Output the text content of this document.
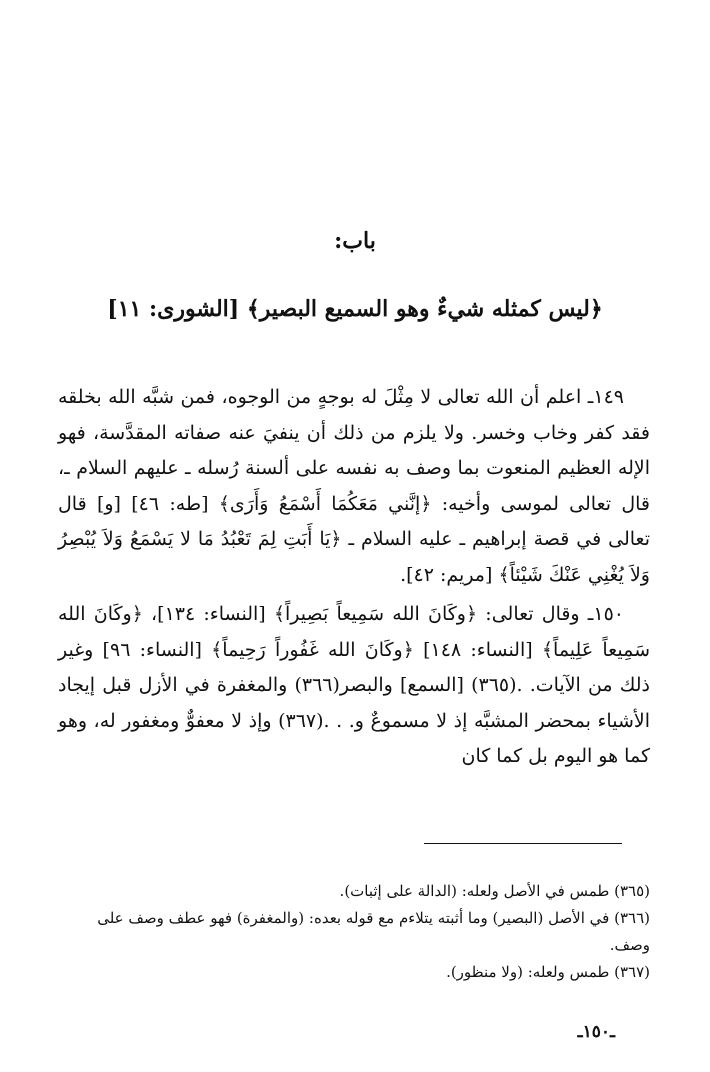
باب:
﴿ليس كمثله شيءٌ وهو السميع البصير﴾ [الشورى: ١١]

١٤٩ـ اعلم أن الله تعالى لا مِثْلَ له بوجهٍ من الوجوه، فمن شبَّه الله بخلقه فقد كفر وخاب وخسر. ولا يلزم من ذلك أن ينفيَ عنه صفاته المقدَّسة، فهو الإله العظيم المنعوت بما وصف به نفسه على ألسنة رُسله ـ عليهم السلام ـ، قال تعالى لموسى وأخيه: ﴿إنَّني مَعَكُمَا أَسْمَعُ وَأَرَى﴾ [طه: ٤٦] [و] قال تعالى في قصة إبراهيم ـ عليه السلام ـ ﴿يَا أَبَتِ لِمَ تَعْبُدُ مَا لا يَسْمَعُ وَلاَ يُبْصِرُ وَلاَ يُغْنِي عَنْكَ شَيْئاً﴾ [مريم: ٤٢].

١٥٠ـ وقال تعالى: ﴿وكَانَ الله سَمِيعاً بَصِيراً﴾ [النساء: ١٣٤]، ﴿وكَانَ الله سَمِيعاً عَلِيماً﴾ [النساء: ١٤٨] ﴿وكَانَ الله غَفُوراً رَحِيماً﴾ [النساء: ٩٦] وغير ذلك من الآيات. .(٣٦٥) [السمع] والبصر(٣٦٦) والمغفرة في الأزل قبل إيجاد الأشياء بمحضر المشبَّه إذ لا مسموعٌ و. . .(٣٦٧) وإذ لا معفوٌّ ومغفور له، وهو كما هو اليوم بل كما كان

(٣٦٥) طمس في الأصل ولعله: (الدالة على إثبات).
(٣٦٦) في الأصل (البصير) وما أثبته يتلاءم مع قوله بعده: (والمغفرة) فهو عطف وصف على وصف.
(٣٦٧) طمس ولعله: (ولا منظور).
ـ١٥٠ـ
